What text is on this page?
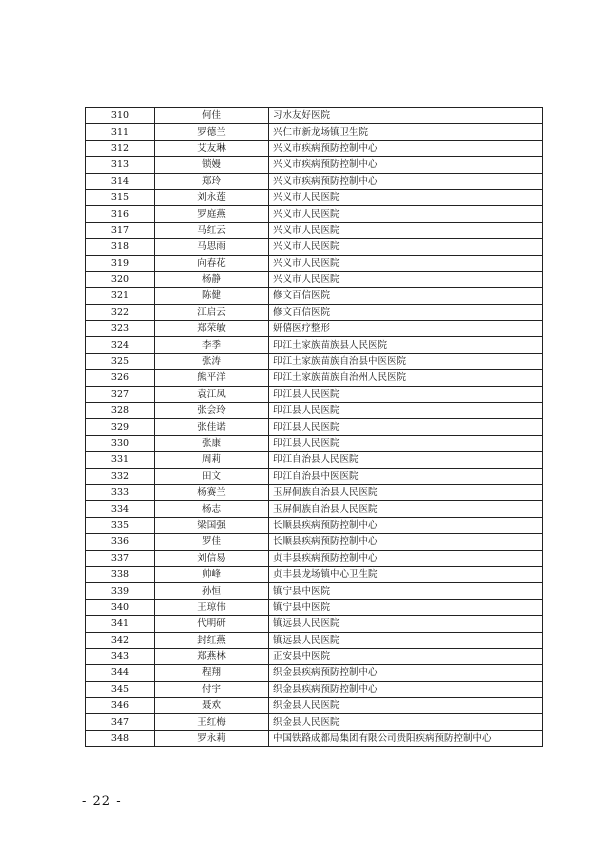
310	何佳	习水友好医院
311	罗德兰	兴仁市新龙场镇卫生院
312	艾友琳	兴义市疾病预防控制中心
313	锁嫚	兴义市疾病预防控制中心
314	郑玲	兴义市疾病预防控制中心
315	刘永莲	兴义市人民医院
316	罗庭燕	兴义市人民医院
317	马红云	兴义市人民医院
318	马思雨	兴义市人民医院
319	向春花	兴义市人民医院
320	杨静	兴义市人民医院
321	陈健	修文百信医院
322	江启云	修文百信医院
323	郑荣敏	妍僖医疗整形
324	李季	印江土家族苗族县人民医院
325	张涛	印江土家族苗族自治县中医医院
326	熊平洋	印江土家族苗族自治州人民医院
327	袁江凤	印江县人民医院
328	张会玲	印江县人民医院
329	张佳诺	印江县人民医院
330	张康	印江县人民医院
331	周莉	印江自治县人民医院
332	田文	印江自治县中医医院
333	杨赛兰	玉屏侗族自治县人民医院
334	杨志	玉屏侗族自治县人民医院
335	梁国强	长顺县疾病预防控制中心
336	罗佳	长顺县疾病预防控制中心
337	刘信易	贞丰县疾病预防控制中心
338	帅峰	贞丰县龙场镇中心卫生院
339	孙恒	镇宁县中医院
340	王琼伟	镇宁县中医院
341	代明研	镇远县人民医院
342	封红燕	镇远县人民医院
343	郑燕林	正安县中医院
344	程翔	织金县疾病预防控制中心
345	付宇	织金县疾病预防控制中心
346	聂欢	织金县人民医院
347	王红梅	织金县人民医院
348	罗永莉	中国铁路成都局集团有限公司贵阳疾病预防控制中心
- 22 -
